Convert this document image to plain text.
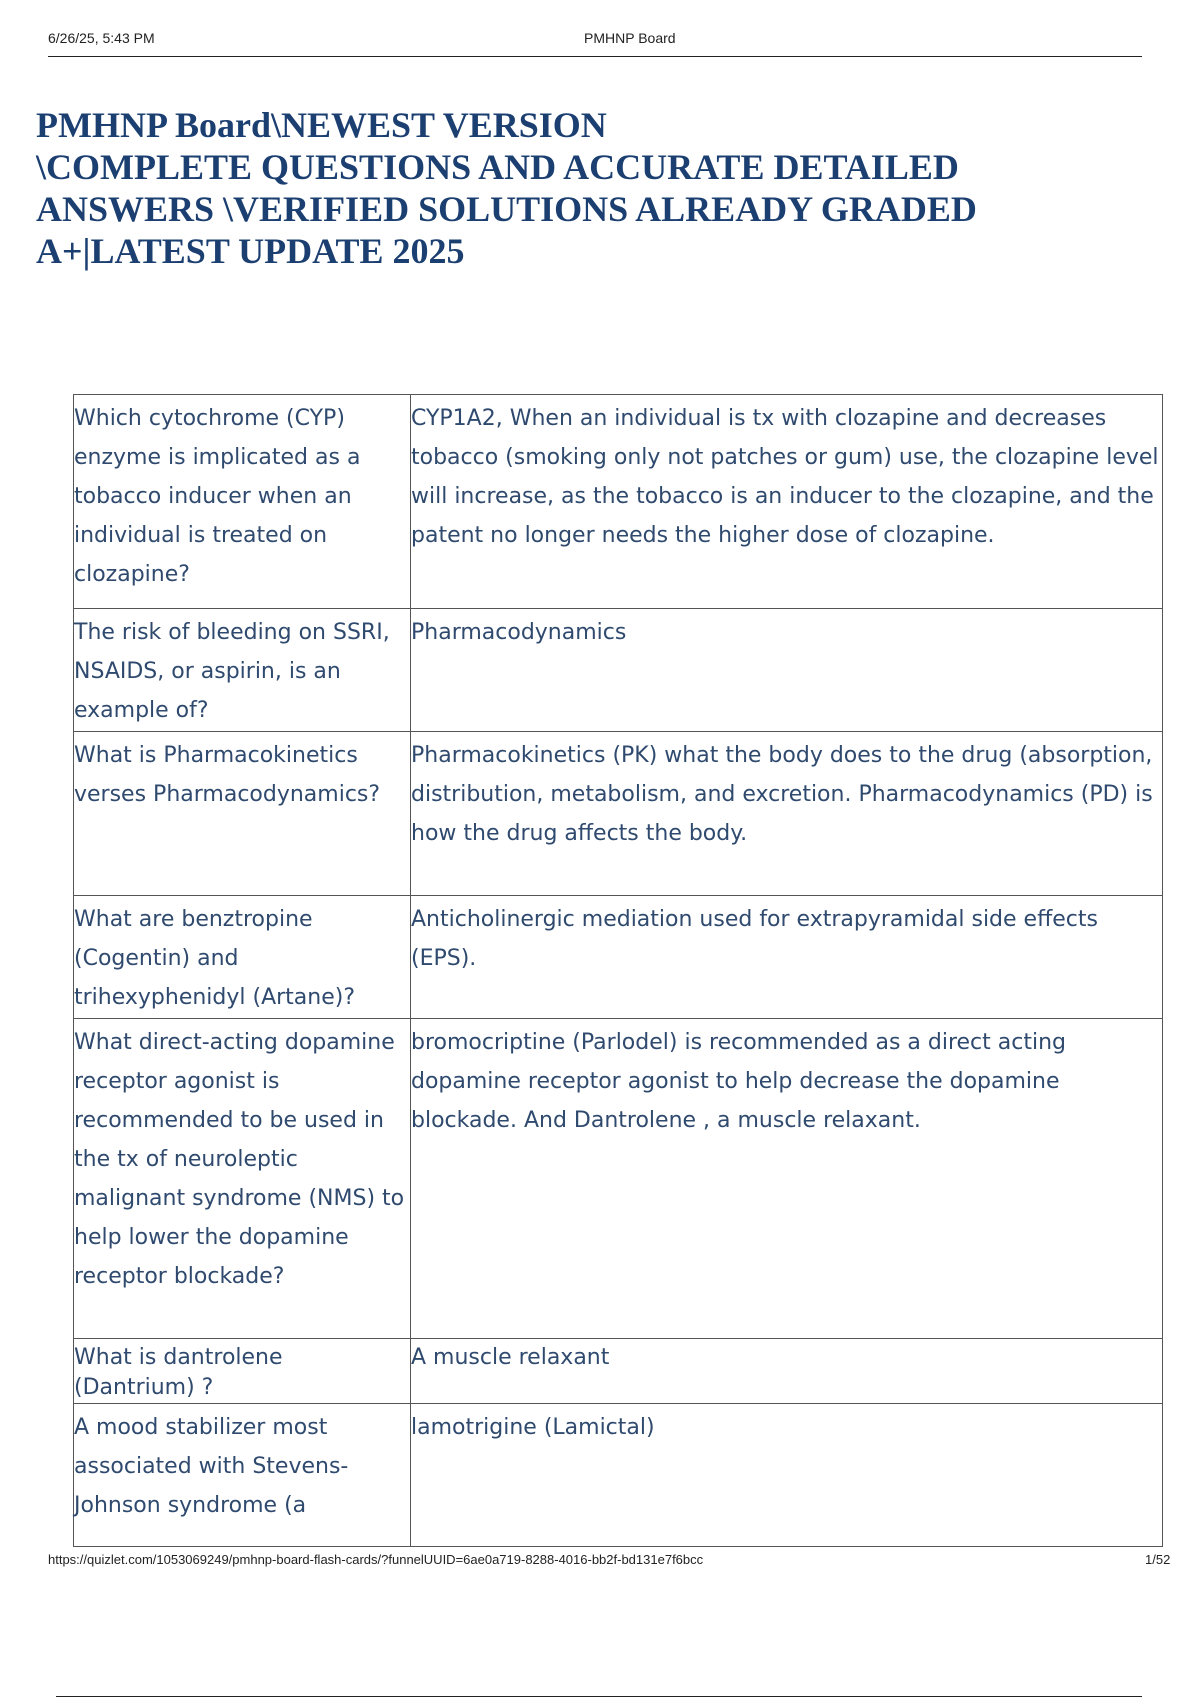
6/26/25, 5:43 PM	PMHNP Board
PMHNP Board\NEWEST VERSION
\COMPLETE QUESTIONS AND ACCURATE DETAILED
ANSWERS \VERIFIED SOLUTIONS ALREADY GRADED
A+|LATEST UPDATE 2025
Which cytochrome (CYP) enzyme is implicated as a tobacco inducer when an individual is treated on clozapine?	CYP1A2, When an individual is tx with clozapine and decreases tobacco (smoking only not patches or gum) use, the clozapine level will increase, as the tobacco is an inducer to the clozapine, and the patent no longer needs the higher dose of clozapine.
The risk of bleeding on SSRI, NSAIDS, or aspirin, is an example of?	Pharmacodynamics
What is Pharmacokinetics verses Pharmacodynamics?	Pharmacokinetics (PK) what the body does to the drug (absorption, distribution, metabolism, and excretion. Pharmacodynamics (PD) is how the drug affects the body.
What are benztropine (Cogentin) and trihexyphenidyl (Artane)?	Anticholinergic mediation used for extrapyramidal side effects (EPS).
What direct-acting dopamine receptor agonist is recommended to be used in the tx of neuroleptic malignant syndrome (NMS) to help lower the dopamine receptor blockade?	bromocriptine (Parlodel) is recommended as a direct acting dopamine receptor agonist to help decrease the dopamine blockade. And Dantrolene , a muscle relaxant.
What is dantrolene (Dantrium) ?	A muscle relaxant
A mood stabilizer most associated with Stevens-Johnson syndrome (a	lamotrigine (Lamictal)
https://quizlet.com/1053069249/pmhnp-board-flash-cards/?funnelUUID=6ae0a719-8288-4016-bb2f-bd131e7f6bcc	1/52
